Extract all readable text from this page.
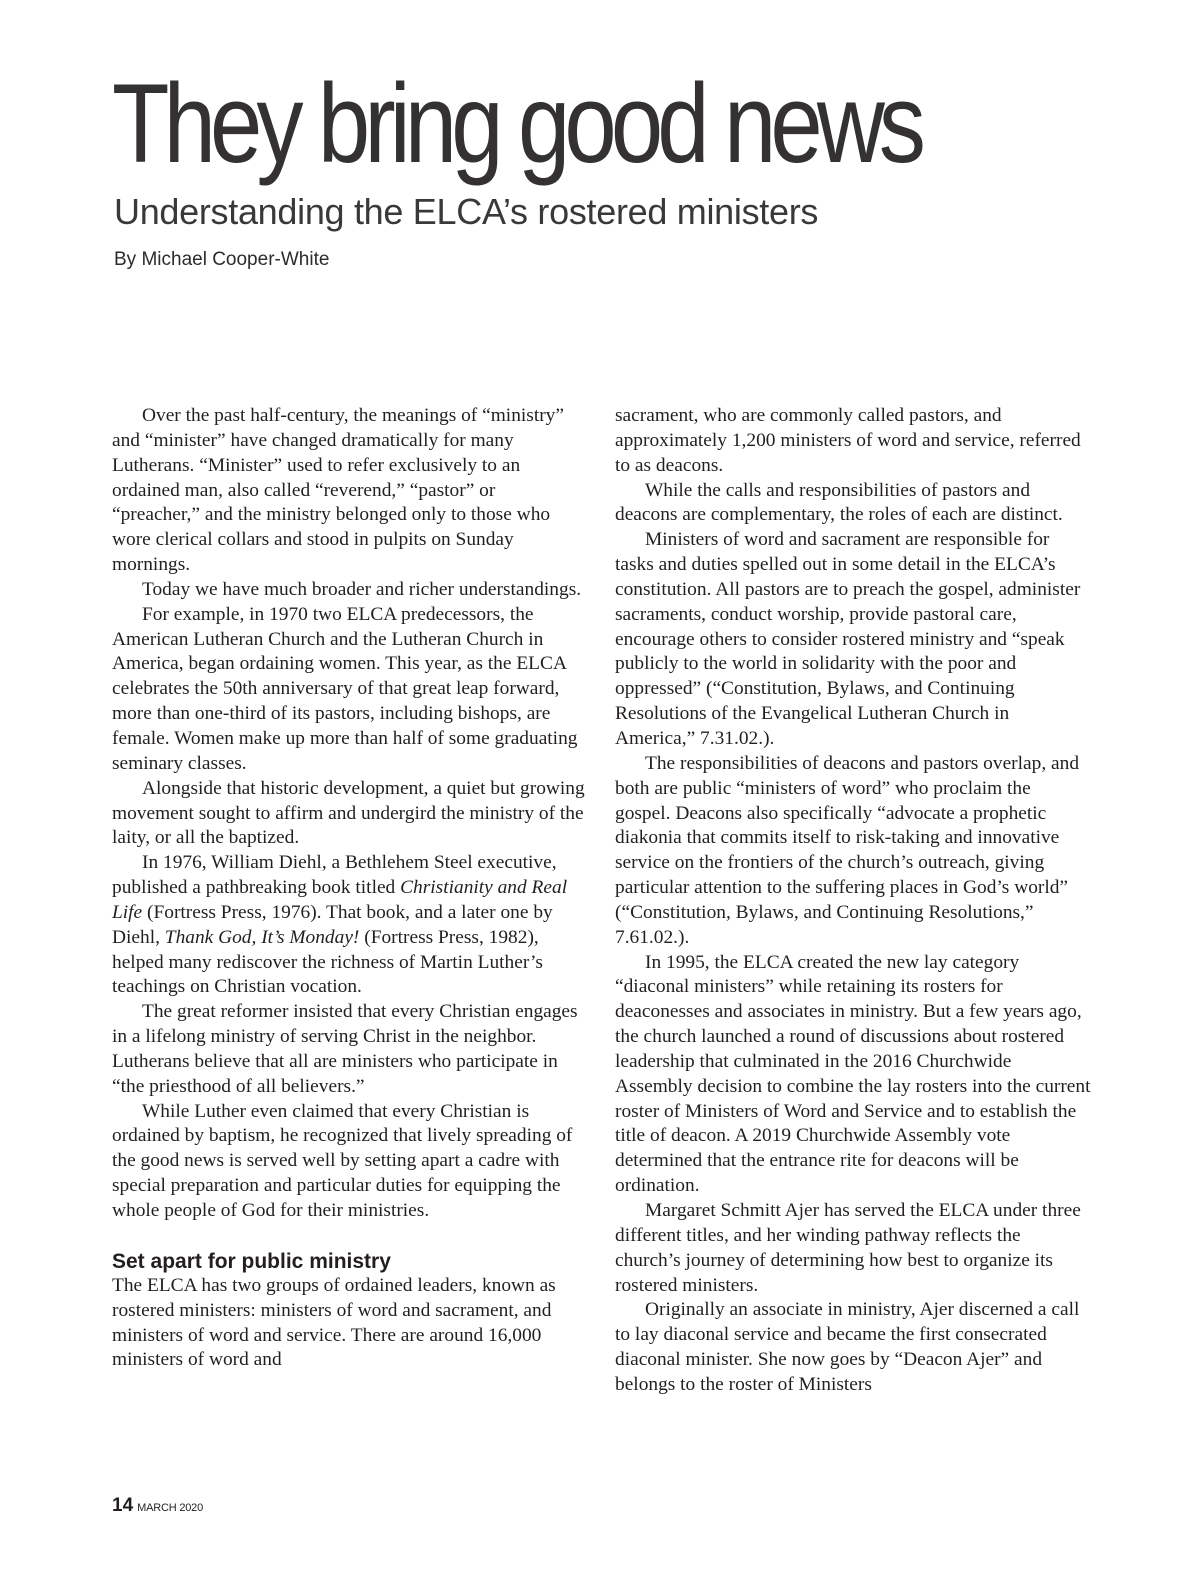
They bring good news
Understanding the ELCA’s rostered ministers
By Michael Cooper-White

Over the past half-century, the meanings of “ministry” and “minister” have changed dramatically for many Lutherans. “Minister” used to refer exclusively to an ordained man, also called “reverend,” “pastor” or “preacher,” and the ministry belonged only to those who wore clerical collars and stood in pulpits on Sunday mornings.

Today we have much broader and richer understandings.

For example, in 1970 two ELCA predecessors, the American Lutheran Church and the Lutheran Church in America, began ordaining women. This year, as the ELCA celebrates the 50th anniversary of that great leap forward, more than one-third of its pastors, including bishops, are female. Women make up more than half of some graduating seminary classes.

Alongside that historic development, a quiet but growing movement sought to affirm and undergird the ministry of the laity, or all the baptized.

In 1976, William Diehl, a Bethlehem Steel executive, published a pathbreaking book titled Christianity and Real Life (Fortress Press, 1976). That book, and a later one by Diehl, Thank God, It’s Monday! (Fortress Press, 1982), helped many rediscover the richness of Martin Luther’s teachings on Christian vocation.

The great reformer insisted that every Christian engages in a lifelong ministry of serving Christ in the neighbor. Lutherans believe that all are ministers who participate in “the priesthood of all believers.”

While Luther even claimed that every Christian is ordained by baptism, he recognized that lively spreading of the good news is served well by setting apart a cadre with special preparation and particular duties for equipping the whole people of God for their ministries.

Set apart for public ministry

The ELCA has two groups of ordained leaders, known as rostered ministers: ministers of word and sacrament, and ministers of word and service. There are around 16,000 ministers of word and

sacrament, who are commonly called pastors, and approximately 1,200 ministers of word and service, referred to as deacons.

While the calls and responsibilities of pastors and deacons are complementary, the roles of each are distinct.

Ministers of word and sacrament are responsible for tasks and duties spelled out in some detail in the ELCA’s constitution. All pastors are to preach the gospel, administer sacraments, conduct worship, provide pastoral care, encourage others to consider rostered ministry and “speak publicly to the world in solidarity with the poor and oppressed” (“Constitution, Bylaws, and Continuing Resolutions of the Evangelical Lutheran Church in America,” 7.31.02.).

The responsibilities of deacons and pastors overlap, and both are public “ministers of word” who proclaim the gospel. Deacons also specifically “advocate a prophetic diakonia that commits itself to risk-taking and innovative service on the frontiers of the church’s outreach, giving particular attention to the suffering places in God’s world” (“Constitution, Bylaws, and Continuing Resolutions,” 7.61.02.).

In 1995, the ELCA created the new lay category “diaconal ministers” while retaining its rosters for deaconesses and associates in ministry. But a few years ago, the church launched a round of discussions about rostered leadership that culminated in the 2016 Churchwide Assembly decision to combine the lay rosters into the current roster of Ministers of Word and Service and to establish the title of deacon. A 2019 Churchwide Assembly vote determined that the entrance rite for deacons will be ordination.

Margaret Schmitt Ajer has served the ELCA under three different titles, and her winding pathway reflects the church’s journey of determining how best to organize its rostered ministers.

Originally an associate in ministry, Ajer discerned a call to lay diaconal service and became the first consecrated diaconal minister. She now goes by “Deacon Ajer” and belongs to the roster of Ministers

14 MARCH 2020
